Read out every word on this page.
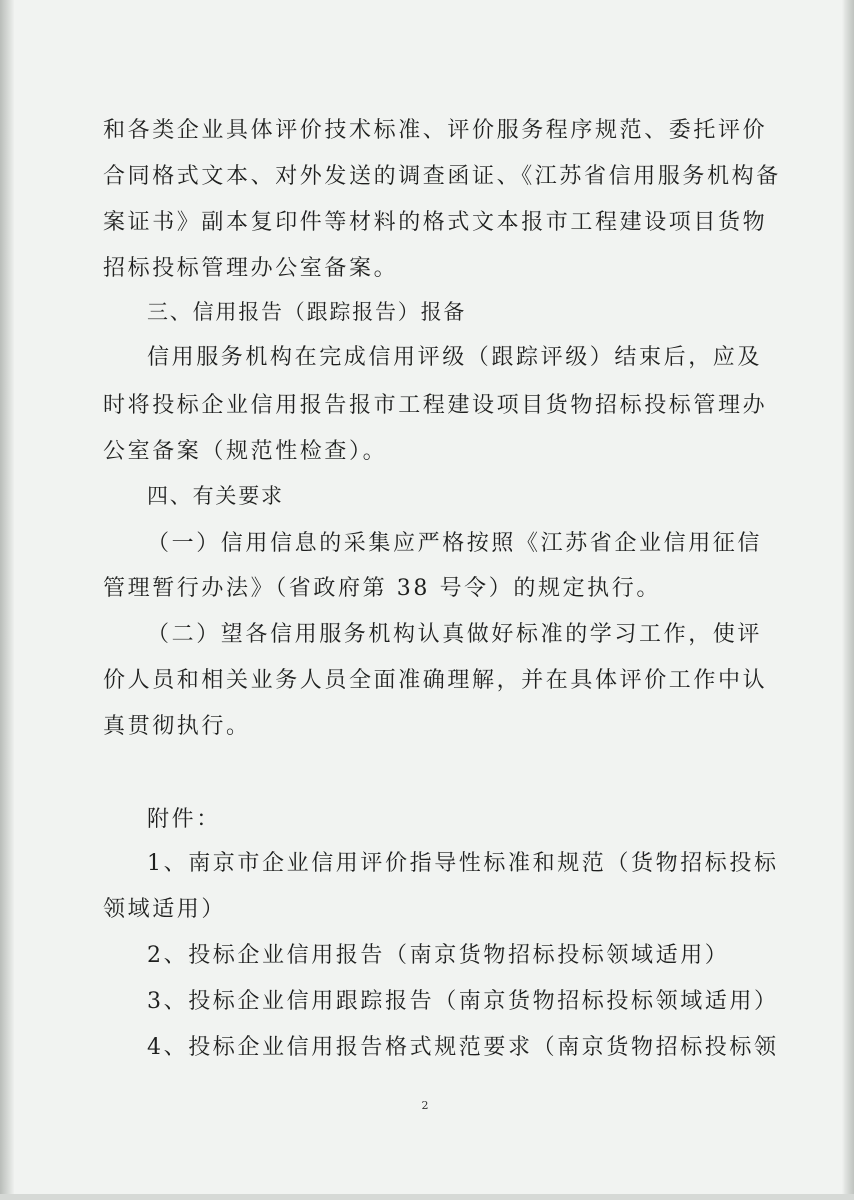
和各类企业具体评价技术标准、评价服务程序规范、委托评价
合同格式文本、对外发送的调查函证、《江苏省信用服务机构备
案证书》副本复印件等材料的格式文本报市工程建设项目货物
招标投标管理办公室备案。
三、信用报告（跟踪报告）报备
信用服务机构在完成信用评级（跟踪评级）结束后，应及
时将投标企业信用报告报市工程建设项目货物招标投标管理办
公室备案（规范性检查）。
四、有关要求
（一）信用信息的采集应严格按照《江苏省企业信用征信
管理暂行办法》（省政府第 38 号令）的规定执行。
（二）望各信用服务机构认真做好标准的学习工作，使评
价人员和相关业务人员全面准确理解，并在具体评价工作中认
真贯彻执行。
附件：
1、南京市企业信用评价指导性标准和规范（货物招标投标
领域适用）
2、投标企业信用报告（南京货物招标投标领域适用）
3、投标企业信用跟踪报告（南京货物招标投标领域适用）
4、投标企业信用报告格式规范要求（南京货物招标投标领
2
